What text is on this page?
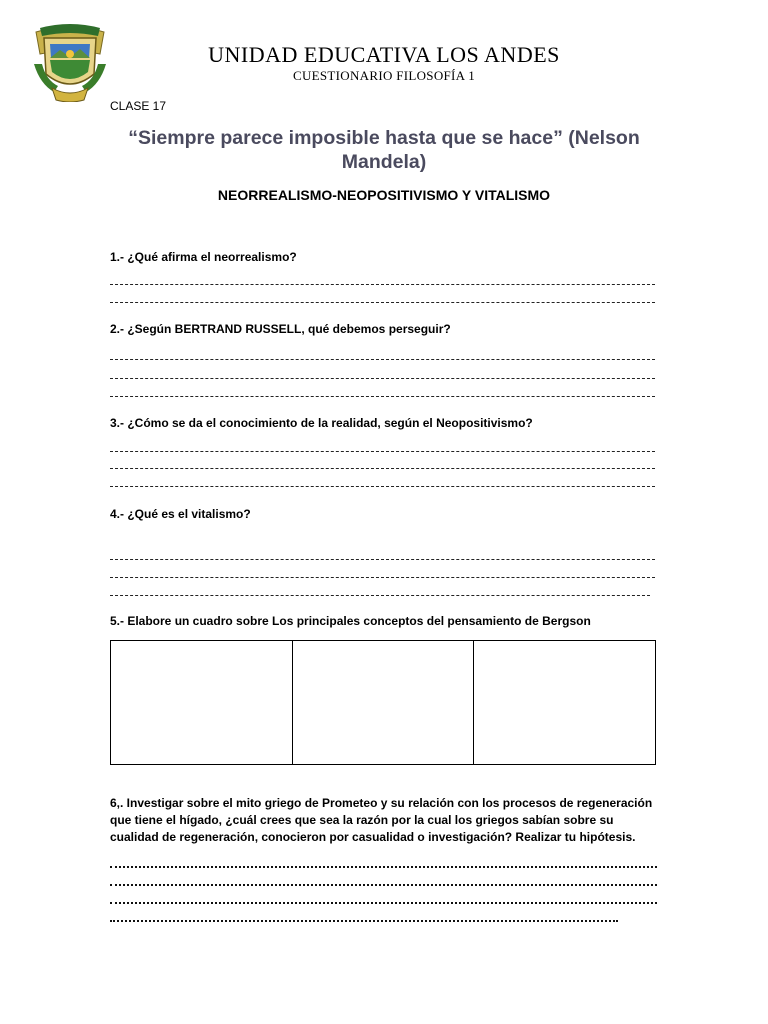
UNIDAD EDUCATIVA LOS ANDES
CUESTIONARIO FILOSOFÍA 1
CLASE 17
“Siempre parece imposible hasta que se hace” (Nelson Mandela)
NEORREALISMO-NEOPOSITIVISMO Y VITALISMO
1.- ¿Qué afirma el neorrealismo?
2.- ¿Según BERTRAND RUSSELL, qué debemos perseguir?
3.- ¿Cómo se da el conocimiento de la realidad, según el Neopositivismo?
4.- ¿Qué es el vitalismo?
5.- Elabore un cuadro sobre Los principales conceptos del pensamiento de Bergson
6,. Investigar sobre el mito griego de Prometeo y su relación con los procesos de regeneración que tiene el hígado, ¿cuál crees que sea la razón por la cual los griegos sabían sobre su cualidad de regeneración, conocieron por casualidad o investigación? Realizar tu hipótesis.
